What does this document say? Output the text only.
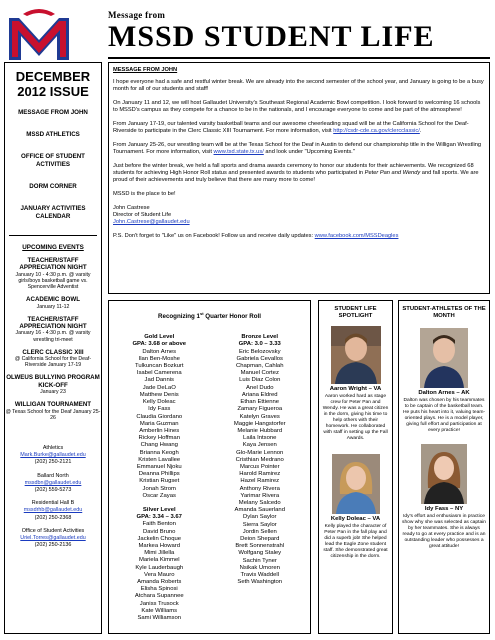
Message from
MSSD STUDENT LIFE
DECEMBER
2012 ISSUE
MESSAGE FROM JOHN
MSSD ATHLETICS
OFFICE OF STUDENT ACTIVITIES
DORM CORNER
JANUARY ACTIVITIES CALENDAR
UPCOMING EVENTS
TEACHER/STAFF APPRECIATION NIGHT
January 10 - 4:30 p.m. @ varsity girls/boys basketball game vs. Spencerville Adventist
ACADEMIC BOWL
January 11-12
TEACHER/STAFF APPRECIATION NIGHT
January 16 - 4:30 p.m. @ varsity wrestling tri-meet
CLERC CLASSIC XIII
@ California School for the Deaf-Riverside January 17-19
OLWEUS BULLYING PROGRAM KICK-OFF
January 23
WILLIGAN TOURNAMENT
@ Texas School for the Deaf January 25-26
Athletics
Mark.Burke@gallaudet.edu
(202) 250-2121
Ballard North
mssdbn@gallaudet.edu
(202) 559-5273
Residential Hall B
mssdrhb@gallaudet.edu
(202) 250-2368
Office of Student Activities
Uriel.Torres@gallaudet.edu
(202) 250-2136
MESSAGE FROM JOHN

I hope everyone had a safe and restful winter break. We are already into the second semester of the school year, and January is going to be a busy month for all of our students and staff!

On January 11 and 12, we will host Gallaudet University's Southeast Regional Academic Bowl competition. I look forward to welcoming 16 schools to MSSD's campus as they compete for a chance to be in the nationals, and I encourage everyone to come and be part of the atmosphere!

From January 17-19, our talented varsity basketball teams and our awesome cheerleading squad will be at the California School for the Deaf-Riverside to participate in the Clerc Classic XIII Tournament. For more information, visit http://csdr-cde.ca.gov/clercclassic/.

From January 25-26, our wrestling team will be at the Texas School for the Deaf in Austin to defend our championship title in the Willigan Wrestling Tournament. For more information, visit www.tsd.state.tx.us/ and look under "Upcoming Events."

Just before the winter break, we held a fall sports and drama awards ceremony to honor our students for their achievements. We recognized 68 students for achieving High Honor Roll status and presented awards to students who participated in Peter Pan and Wendy and fall sports. We are proud of their achievements and truly believe that there are many more to come!

MSSD is the place to be!

John Castrese
Director of Student Life
John.Castrese@gallaudet.edu

P.S. Don't forget to "Like" us on Facebook! Follow us and receive daily updates: www.facebook.com/MSSDeagles

Recognizing 1st Quarter Honor Roll
Gold Level
GPA: 3.68 or above
Dalton Arnes
Ilan Ben-Moshe
Tulkuncan Bozkurt
Isabel Camerena
Jad Dannis
Jade DeLaO
Matthew Denis
Kelly Doleac
Idy Fass
Claudia Giordano
Maria Guzman
Amberlin Hines
Rickey Hoffman
Chang Hwang
Brianna Keogh
Kristen Lavallee
Emmanuel Njoku
Deanna Phillips
Kristian Rugset
Jonah Strom
Oscar Zayas
Silver Level
GPA: 3.34 – 3.67
Faith Benton
David Bruno
Jackelin Choque
Markea Howard
Mimi Jillella
Mariela Kimmel
Kyle Lauderbaugh
Vera Mauro
Amanda Roberts
Elisha Spinosi
Atchara Supannee
Janiss Trusock
Kate Williams
Sami Williamson
Bronze Level
GPA: 3.0 – 3.33
Eric Belozovsky
Gabriela Cevallos
Chapman, Cahlah
Manuel Cortez
Luis Diaz Colon
Anel Dudo
Ariana Eldred
Ethan Ettienne
Zamary Figueroa
Katelyn Graves
Maggie Hangstorfer
Melanie Hubbard
Laila Intsone
Kaya Jensen
Glo-Marie Lennon
Cristhian Medrano
Marcus Pointer
Harold Ramirez
Hazel Ramirez
Anthony Rivera
Yarimar Rivera
Melany Salcedo
Amanda Sauerland
Dylan Saylor
Sierra Saylor
Jordin Sellen
Deion Shepard
Brett Sonnenstrahl
Wolfgang Staley
Sachin Tyner
Nsikak Umoren
Travis Waddell
Seth Washington
STUDENT LIFE SPOTLIGHT
Aaron Wright – VA
Aaron worked hard as stage crew for Peter Pan and Wendy. He was a great citizen in the dorm, giving his time to help others with their homework. He collaborated with staff in setting up the Fall Awards.
Kelly Doleac – VA
Kelly played the character of Peter Pan in the fall play and did a superb job! She helped lead the Eagle Zone student staff. She demonstrated great citizenship in the dorm.
STUDENT-ATHLETES OF THE MONTH
Dalton Arnes – AK
Dalton was chosen by his teammates to be captain of the basketball team. He puts his heart into it, valuing team-oriented plays. He is a model player, giving full effort and participation at every practice!
Idy Fass – NY
Idy's effort and enthusiasm in practice show why she was selected as captain by her teammates. She is always ready to go at every practice and is an outstanding leader who possesses a great attitude!
